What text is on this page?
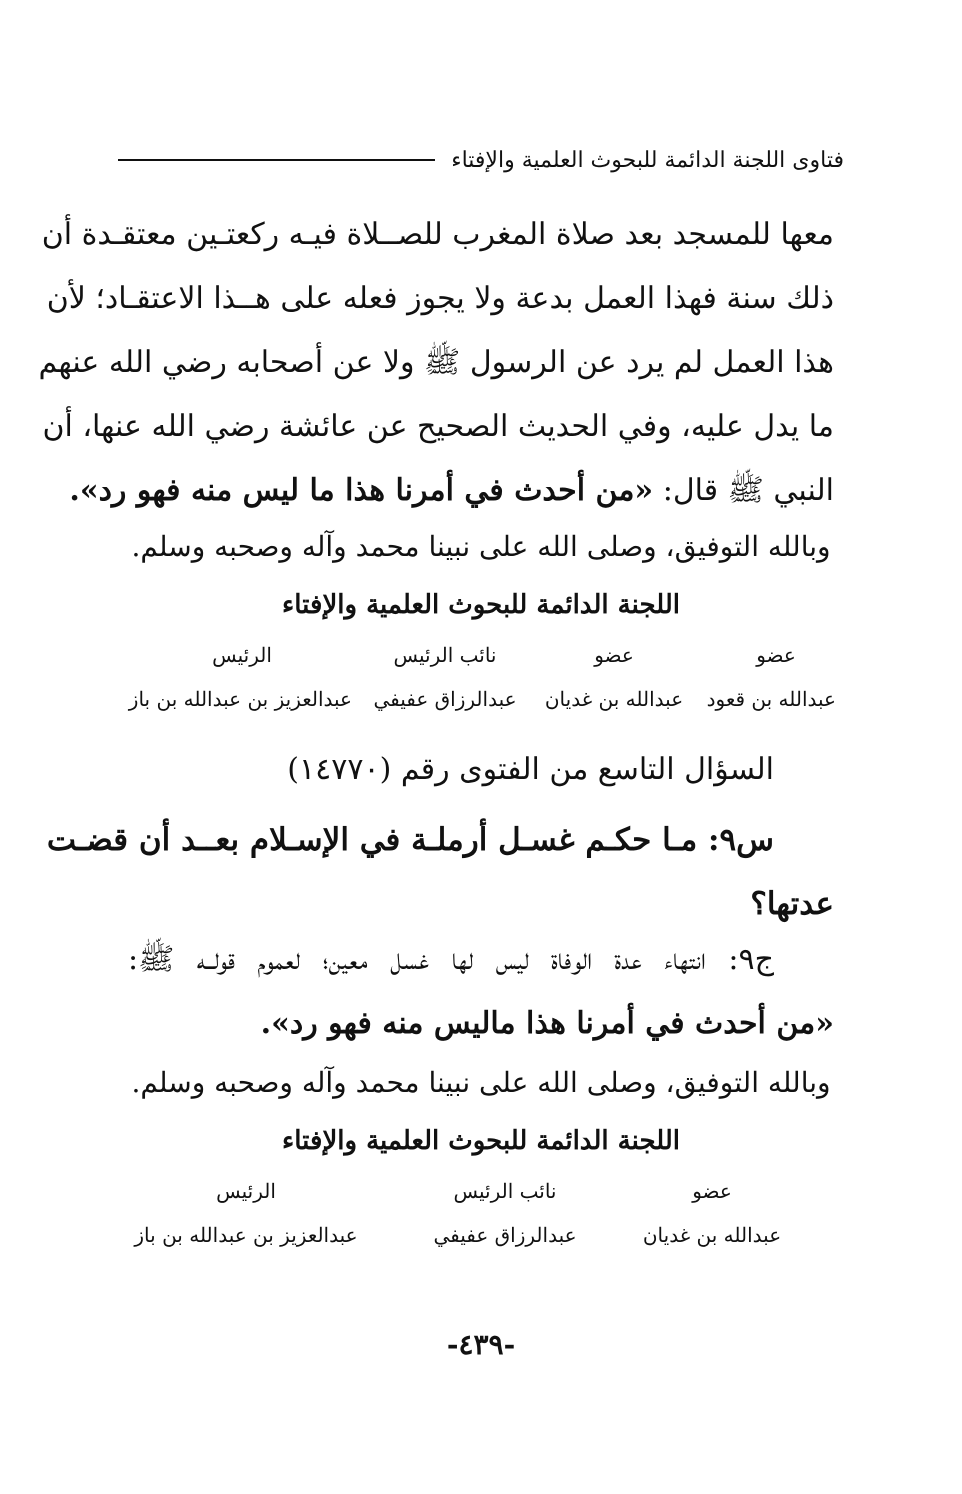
فتاوى اللجنة الدائمة للبحوث العلمية والإفتاء
معها للمسجد بعد صلاة المغرب للصــلاة فيـه ركعتـين معتقـدة أن
ذلك سنة فهذا العمل بدعة ولا يجوز فعله على هــذا الاعتقـاد؛ لأن
هذا العمل لم يرد عن الرسول ﷺ ولا عن أصحابه رضي الله عنهم
ما يدل عليه، وفي الحديث الصحيح عن عائشة رضي الله عنها، أن
النبي ﷺ قال: «من أحدث في أمرنا هذا ما ليس منه فهو رد».
وبالله التوفيق، وصلى الله على نبينا محمد وآله وصحبه وسلم.
اللجنة الدائمة للبحوث العلمية والإفتاء
عضو
عبدالله بن قعود
عضو
عبدالله بن غديان
نائب الرئيس
عبدالرزاق عفيفي
الرئيس
عبدالعزيز بن عبدالله بن باز
السؤال التاسع من الفتوى رقم (١٤٧٧٠)
س٩: مـا حكـم غسـل أرملـة في الإسـلام بعــد أن قضـت
عدتها؟
ج٩: انتهاء عدة الوفاة ليس لها غسل معين؛ لعموم قولــه ﷺ:
«من أحدث في أمرنا هذا ماليس منه فهو رد».
وبالله التوفيق، وصلى الله على نبينا محمد وآله وصحبه وسلم.
اللجنة الدائمة للبحوث العلمية والإفتاء
عضو
عبدالله بن غديان
نائب الرئيس
عبدالرزاق عفيفي
الرئيس
عبدالعزيز بن عبدالله بن باز
-٤٣٩-
